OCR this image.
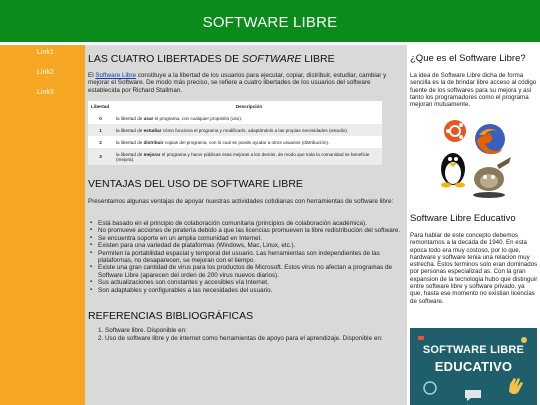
SOFTWARE LIBRE
Link1
Link2
Link3
LAS CUATRO LIBERTADES DE SOFTWARE LIBRE

El Software Libre constituye a la libertad de los usuarios para ejecutar, copiar, distribuir, estudiar, cambiar y mejorar el Software. De modo más preciso, se refiere a cuatro libertades de los usuarios del software establecida por Richard Stallman.

Libertad	Descripción
0	la libertad de usar el programa, con cualquier propósito (uso).
1	la libertad de estudiar cómo funciona el programa y modificarlo, adaptándolo a las propias necesidades (estudio).
2	la libertad de distribuir copias del programa, con lo cual se puede ayudar a otros usuarios (distribución).
3	la libertad de mejorar el programa y hacer públicas esas mejoras a los demás, de modo que toda la comunidad se beneficie (mejora).
VENTAJAS DEL USO DE SOFTWARE LIBRE

Presentamos algunas ventajas de apoyar nuestras actividades cotidianas con herramientas de software libre:

▪ Está basado en el principio de colaboración comunitaria (principios de colaboración académica).
▪ No promueve acciones de piratería debido a que las licencias promueven la libre redistribución del software.
▪ Se encuentra soporte en un amplia comunidad en Internet.
▪ Existen para una variedad de plataformas (Windows, Mac, Linux, etc.).
▪ Permiten la portabilidad espacial y temporal del usuario. Las herramientas son independientes de las plataformas, no desaparecen, se mejoran con el tiempo.
▪ Existe una gran cantidad de virus para los productos de Microsoft. Estos virus no afectan a programas de Software Libre (aparecen del orden de 200 virus nuevos diarios).
▪ Sus actualizaciones son constantes y accesibles vía Internet.
▪ Son adaptables y configurables a las necesidades del usuario.
REFERENCIAS BIBLIOGRÁFICAS
1. Software libre. Disponible en:
2. Uso de software libre y de internet como herramientas de apoyo para el aprendizaje. Disponible en:
¿Que es el Software Libre?

La idea de Software Libre dicha de forma sencilla es la de brindar libre acceso al código fuente de los softwares para su mejora y así tanto los programadores como el programa mejoran mutuamente.

Software Libre Educativo

Para hablar de este concepto debemos remontarnos a la decada de 1940. En esta epoca todo era muy costoso, por lo que, hardware y software tenia una relacion muy estrecha. Estos terminos solo eran dominados por personas especializad as. Con la gran expansion de la tecnologia hubo que distinguir entre software libre y software privado, ya que, hasta ese momento no existian licencias de software.

SOFTWARE LIBRE
EDUCATIVO
